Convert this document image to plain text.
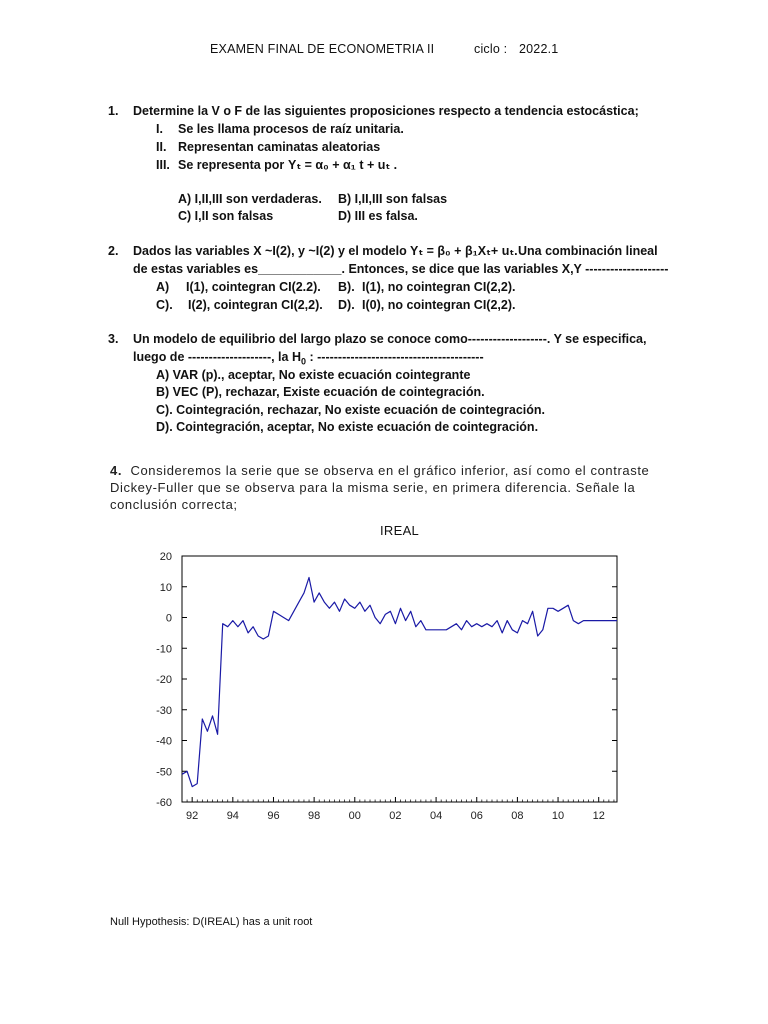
EXAMEN FINAL DE ECONOMETRIA II	ciclo : 2022.1
1. Determine la V o F de las siguientes proposiciones respecto a tendencia estocástica;
I. Se les llama procesos de raíz unitaria.
II. Representan caminatas aleatorias
III. Se representa por Yₜ = α₀ + α₁ t + uₜ .
A) I,II,III son verdaderas. B) I,II,III son falsas
C) I,II son falsas	D) III es falsa.
2. Dados las variables X ~I(2), y ~I(2) y el modelo Yₜ = β₀ + β₁Xₜ+ uₜ. Una combinación lineal
de estas variables es____________. Entonces, se dice que las variables X,Y --------------------
A) I(1), cointegran CI(2.2). B). I(1), no cointegran CI(2,2).
C). I(2), cointegran CI(2,2). D). I(0), no cointegran CI(2,2).
3. Un modelo de equilibrio del largo plazo se conoce como-------------------. Y se especifica,
luego de --------------------, la $H_0$ : ----------------------------------------
A) VAR (p)., aceptar, No existe ecuación cointegrante
B) VEC (P), rechazar, Existe ecuación de cointegración.
C). Cointegración, rechazar, No existe ecuación de cointegración.
D). Cointegración, aceptar, No existe ecuación de cointegración.
4. Consideremos la serie que se observa en el gráfico inferior, así como el contraste Dickey-Fuller que se observa para la misma serie, en primera diferencia. Señale la conclusión correcta;
IREAL
20
10
0
-10
-20
-30
-40
-50
-60
92	94	96	98	00	02	04	06	08	10	12
Null Hypothesis: D(IREAL) has a unit root
